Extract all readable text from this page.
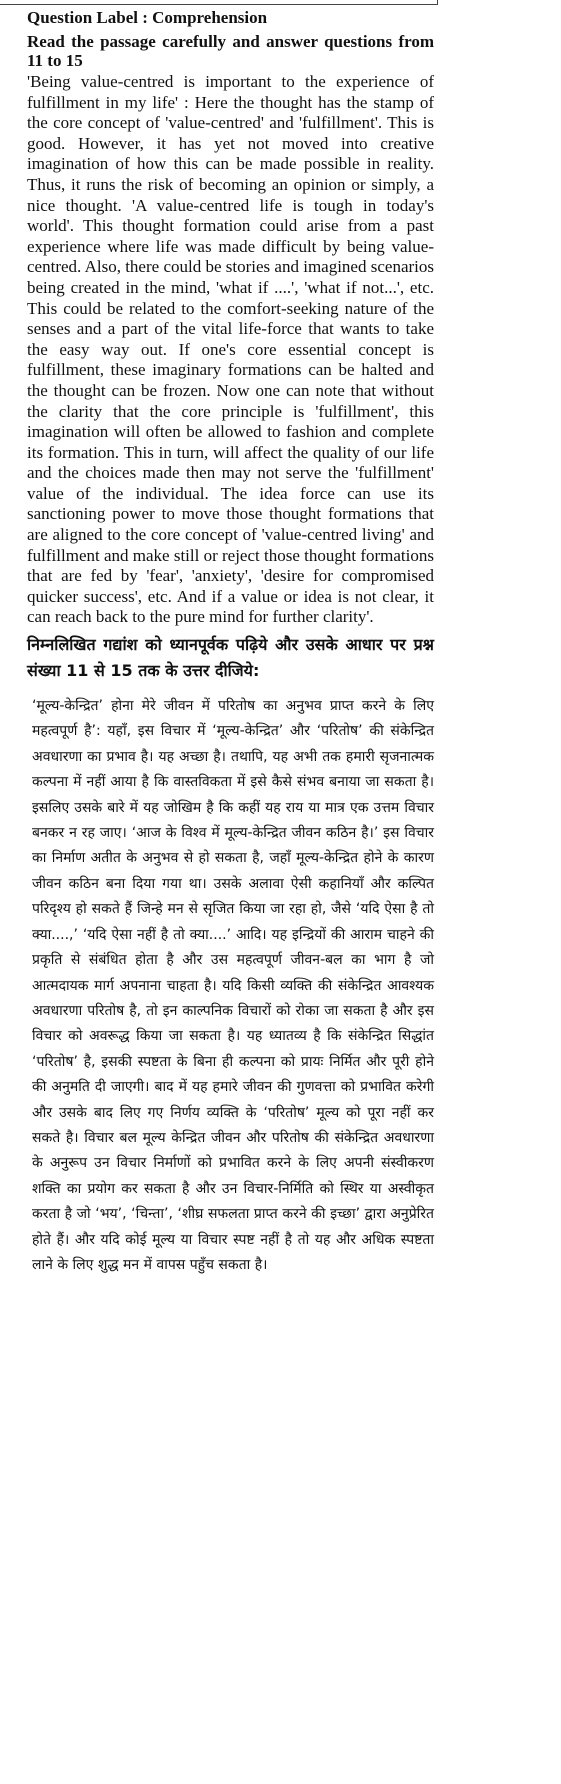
Question Label : Comprehension

Read the passage carefully and answer questions from 11 to 15

'Being value-centred is important to the experience of fulfillment in my life' : Here the thought has the stamp of the core concept of 'value-centred' and 'fulfillment'. This is good. However, it has yet not moved into creative imagination of how this can be made possible in reality. Thus, it runs the risk of becoming an opinion or simply, a nice thought. 'A value-centred life is tough in today's world'. This thought formation could arise from a past experience where life was made difficult by being value-centred. Also, there could be stories and imagined scenarios being created in the mind, 'what if ....', 'what if not...', etc. This could be related to the comfort-seeking nature of the senses and a part of the vital life-force that wants to take the easy way out. If one's core essential concept is fulfillment, these imaginary formations can be halted and the thought can be frozen. Now one can note that without the clarity that the core principle is 'fulfillment', this imagination will often be allowed to fashion and complete its formation. This in turn, will affect the quality of our life and the choices made then may not serve the 'fulfillment' value of the individual. The idea force can use its sanctioning power to move those thought formations that are aligned to the core concept of 'value-centred living' and fulfillment and make still or reject those thought formations that are fed by 'fear', 'anxiety', 'desire for compromised quicker success', etc. And if a value or idea is not clear, it can reach back to the pure mind for further clarity'.

निम्नलिखित गद्यांश को ध्यानपूर्वक पढ़िये और उसके आधार पर प्रश्न संख्या 11 से 15 तक के उत्तर दीजिये:

‘मूल्य-केन्द्रित’ होना मेरे जीवन में परितोष का अनुभव प्राप्त करने के लिए महत्वपूर्ण है’: यहाँ, इस विचार में ‘मूल्य-केन्द्रित’ और ‘परितोष’ की संकेन्द्रित अवधारणा का प्रभाव है। यह अच्छा है। तथापि, यह अभी तक हमारी सृजनात्मक कल्पना में नहीं आया है कि वास्तविकता में इसे कैसे संभव बनाया जा सकता है। इसलिए उसके बारे में यह जोखिम है कि कहीं यह राय या मात्र एक उत्तम विचार बनकर न रह जाए। ‘आज के विश्व में मूल्य-केन्द्रित जीवन कठिन है।’ इस विचार का निर्माण अतीत के अनुभव से हो सकता है, जहाँ मूल्य-केन्द्रित होने के कारण जीवन कठिन बना दिया गया था। उसके अलावा ऐसी कहानियाँ और कल्पित परिदृश्य हो सकते हैं जिन्हे मन से सृजित किया जा रहा हो, जैसे ‘यदि ऐसा है तो क्या....,’ ‘यदि ऐसा नहीं है तो क्या....’ आदि। यह इन्द्रियों की आराम चाहने की प्रकृति से संबंधित होता है और उस महत्वपूर्ण जीवन-बल का भाग है जो आत्मदायक मार्ग अपनाना चाहता है। यदि किसी व्यक्ति की संकेन्द्रित आवश्यक अवधारणा परितोष है, तो इन काल्पनिक विचारों को रोका जा सकता है और इस विचार को अवरूद्ध किया जा सकता है। यह ध्यातव्य है कि संकेन्द्रित सिद्धांत ‘परितोष’ है, इसकी स्पष्टता के बिना ही कल्पना को प्रायः निर्मित और पूरी होने की अनुमति दी जाएगी। बाद में यह हमारे जीवन की गुणवत्ता को प्रभावित करेगी और उसके बाद लिए गए निर्णय व्यक्ति के ‘परितोष’ मूल्य को पूरा नहीं कर सकते है। विचार बल मूल्य केन्द्रित जीवन और परितोष की संकेन्द्रित अवधारणा के अनुरूप उन विचार निर्माणों को प्रभावित करने के लिए अपनी संस्वीकरण शक्ति का प्रयोग कर सकता है और उन विचार-निर्मिति को स्थिर या अस्वीकृत करता है जो ‘भय’, ‘चिन्ता’, ‘शीघ्र सफलता प्राप्त करने की इच्छा’ द्वारा अनुप्रेरित होते हैं। और यदि कोई मूल्य या विचार स्पष्ट नहीं है तो यह और अधिक स्पष्टता लाने के लिए शुद्ध मन में वापस पहुँच सकता है।
